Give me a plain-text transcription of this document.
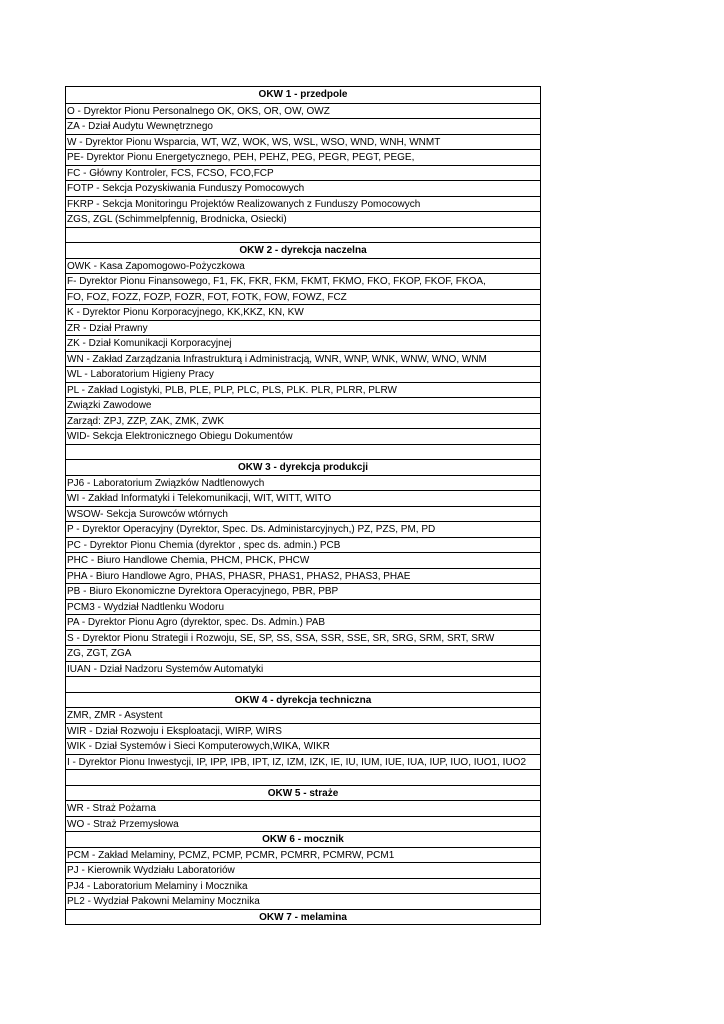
OKW 1 - przedpole
O - Dyrektor Pionu Personalnego OK, OKS, OR, OW, OWZ
ZA - Dział Audytu Wewnętrznego
W - Dyrektor Pionu Wsparcia, WT, WZ, WOK, WS, WSL, WSO, WND, WNH, WNMT
PE- Dyrektor Pionu Energetycznego, PEH, PEHZ, PEG, PEGR, PEGT, PEGE,
FC - Główny Kontroler, FCS, FCSO, FCO,FCP
FOTP - Sekcja Pozyskiwania Funduszy Pomocowych
FKRP - Sekcja Monitoringu Projektów Realizowanych z Funduszy Pomocowych
ZGS, ZGL (Schimmelpfennig, Brodnicka, Osiecki)
OKW 2 - dyrekcja naczelna
OWK - Kasa Zapomogowo-Pożyczkowa
F- Dyrektor Pionu Finansowego, F1, FK, FKR, FKM, FKMT, FKMO, FKO, FKOP, FKOF, FKOA,
FO, FOZ, FOZZ, FOZP, FOZR, FOT, FOTK, FOW, FOWZ, FCZ
K - Dyrektor Pionu Korporacyjnego, KK,KKZ, KN, KW
ZR - Dział Prawny
ZK - Dział Komunikacji Korporacyjnej
WN - Zakład Zarządzania Infrastrukturą i Administracją, WNR, WNP, WNK, WNW, WNO, WNM
WL - Laboratorium Higieny Pracy
PL - Zakład Logistyki, PLB, PLE, PLP, PLC, PLS, PLK. PLR, PLRR, PLRW
Związki Zawodowe
Zarząd: ZPJ, ZZP, ZAK, ZMK, ZWK
WID- Sekcja Elektronicznego Obiegu Dokumentów
OKW 3 - dyrekcja produkcji
PJ6 - Laboratorium Związków Nadtlenowych
WI - Zakład Informatyki i Telekomunikacji, WIT, WITT, WITO
WSOW- Sekcja Surowców wtórnych
P - Dyrektor Operacyjny (Dyrektor, Spec. Ds. Administarcyjnych,) PZ, PZS, PM, PD
PC - Dyrektor Pionu Chemia (dyrektor , spec ds. admin.) PCB
PHC - Biuro Handlowe Chemia, PHCM, PHCK, PHCW
PHA - Biuro Handlowe Agro, PHAS, PHASR, PHAS1, PHAS2, PHAS3, PHAE
PB - Biuro Ekonomiczne Dyrektora Operacyjnego, PBR, PBP
PCM3 - Wydział Nadtlenku Wodoru
PA - Dyrektor Pionu Agro (dyrektor, spec. Ds. Admin.) PAB
S - Dyrektor Pionu Strategii i Rozwoju, SE, SP, SS, SSA, SSR, SSE, SR, SRG, SRM, SRT, SRW
ZG, ZGT, ZGA
IUAN - Dział Nadzoru Systemów Automatyki
OKW 4 - dyrekcja techniczna
ZMR, ZMR - Asystent
WIR - Dział Rozwoju i Eksploatacji, WIRP, WIRS
WIK - Dział Systemów i Sieci Komputerowych,WIKA, WIKR
I - Dyrektor Pionu Inwestycji, IP, IPP, IPB, IPT, IZ, IZM, IZK, IE, IU, IUM, IUE, IUA, IUP, IUO, IUO1, IUO2
OKW 5 - straże
WR - Straż Pożarna
WO - Straż Przemysłowa
OKW 6 - mocznik
PCM - Zakład Melaminy, PCMZ, PCMP, PCMR, PCMRR, PCMRW, PCM1
PJ - Kierownik Wydziału Laboratoriów
PJ4 - Laboratorium Melaminy i Mocznika
PL2 - Wydział Pakowni Melaminy Mocznika
OKW 7 - melamina
